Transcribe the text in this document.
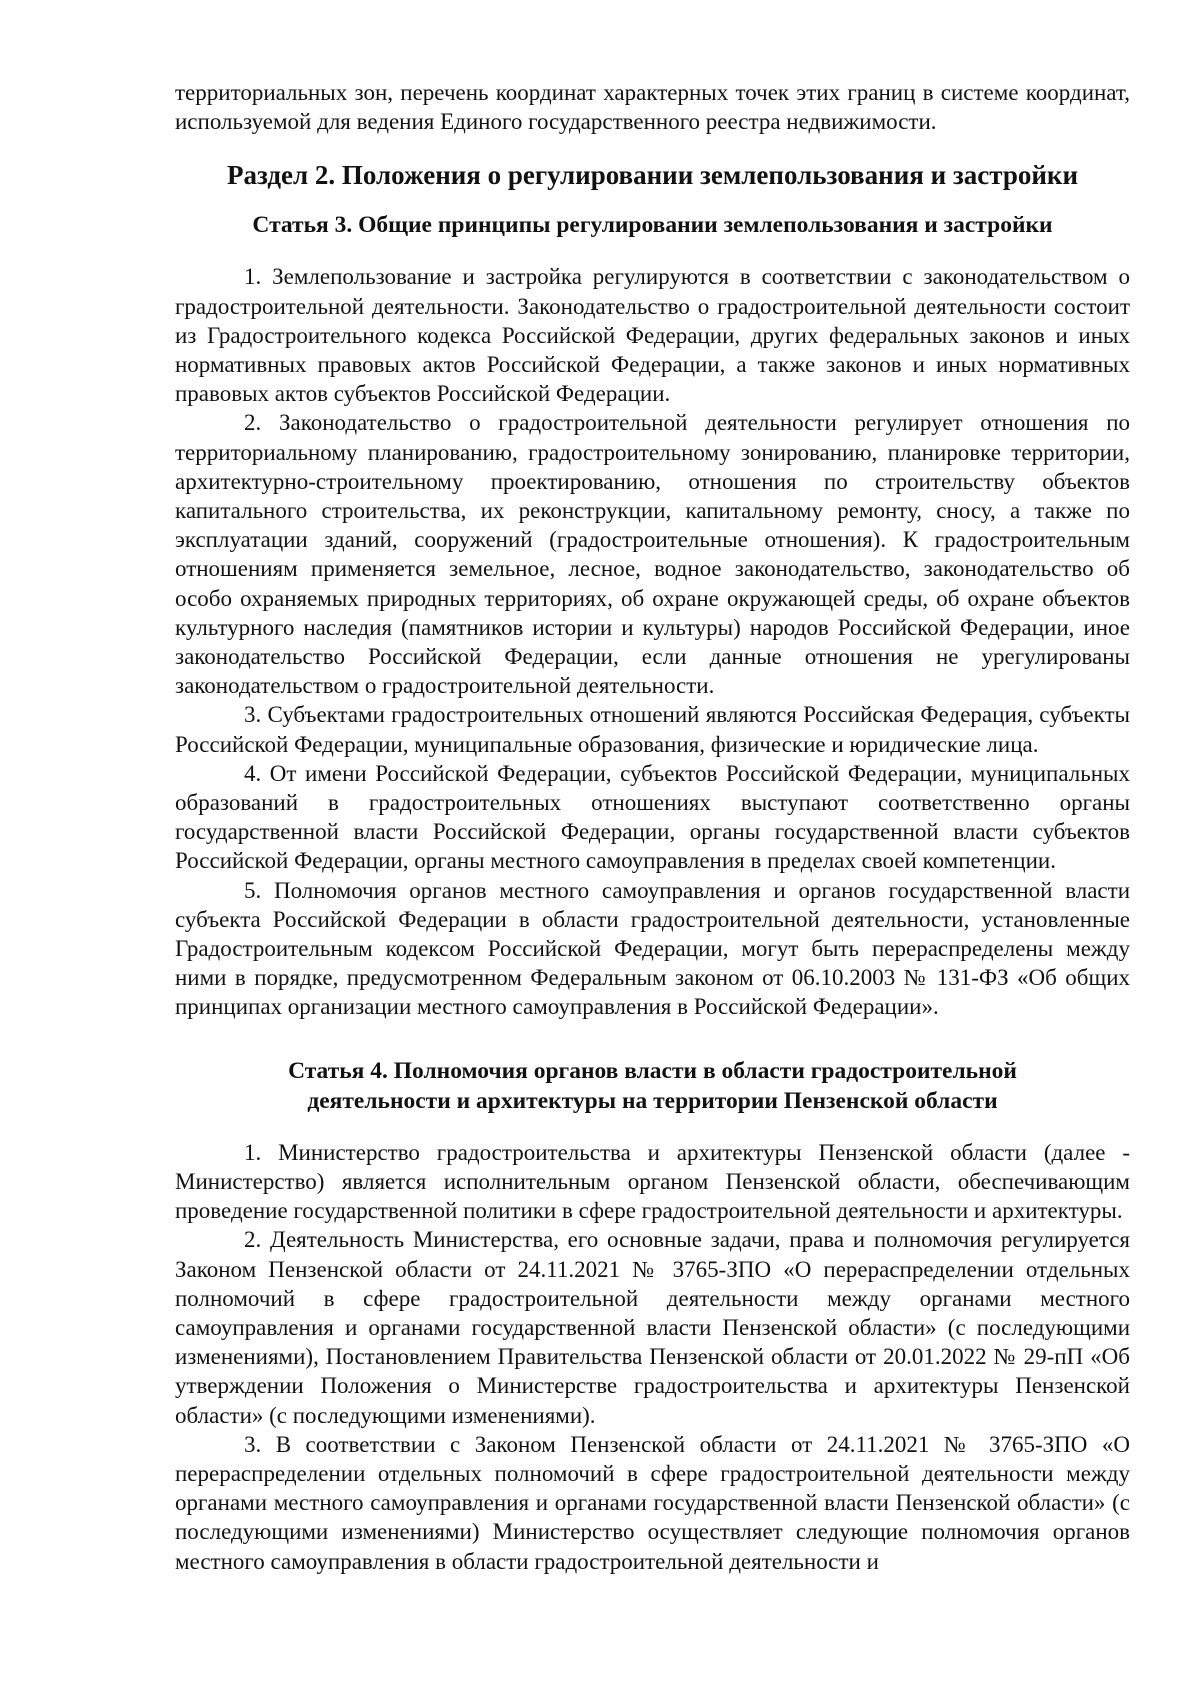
территориальных зон, перечень координат характерных точек этих границ в системе координат, используемой для ведения Единого государственного реестра недвижимости.

Раздел 2. Положения о регулировании землепользования и застройки
Статья 3. Общие принципы регулировании землепользования и застройки

1. Землепользование и застройка регулируются в соответствии с законодательством о градостроительной деятельности. Законодательство о градостроительной деятельности состоит из Градостроительного кодекса Российской Федерации, других федеральных законов и иных нормативных правовых актов Российской Федерации, а также законов и иных нормативных правовых актов субъектов Российской Федерации.

2. Законодательство о градостроительной деятельности регулирует отношения по территориальному планированию, градостроительному зонированию, планировке территории, архитектурно-строительному проектированию, отношения по строительству объектов капитального строительства, их реконструкции, капитальному ремонту, сносу, а также по эксплуатации зданий, сооружений (градостроительные отношения). К градостроительным отношениям применяется земельное, лесное, водное законодательство, законодательство об особо охраняемых природных территориях, об охране окружающей среды, об охране объектов культурного наследия (памятников истории и культуры) народов Российской Федерации, иное законодательство Российской Федерации, если данные отношения не урегулированы законодательством о градостроительной деятельности.

3. Субъектами градостроительных отношений являются Российская Федерация, субъекты Российской Федерации, муниципальные образования, физические и юридические лица.

4. От имени Российской Федерации, субъектов Российской Федерации, муниципальных образований в градостроительных отношениях выступают соответственно органы государственной власти Российской Федерации, органы государственной власти субъектов Российской Федерации, органы местного самоуправления в пределах своей компетенции.

5. Полномочия органов местного самоуправления и органов государственной власти субъекта Российской Федерации в области градостроительной деятельности, установленные Градостроительным кодексом Российской Федерации, могут быть перераспределены между ними в порядке, предусмотренном Федеральным законом от 06.10.2003 № 131-ФЗ «Об общих принципах организации местного самоуправления в Российской Федерации».

Статья 4. Полномочия органов власти в области градостроительной
деятельности и архитектуры на территории Пензенской области

1. Министерство градостроительства и архитектуры Пензенской области (далее - Министерство) является исполнительным органом Пензенской области, обеспечивающим проведение государственной политики в сфере градостроительной деятельности и архитектуры.

2. Деятельность Министерства, его основные задачи, права и полномочия регулируется Законом Пензенской области от 24.11.2021 № 3765-ЗПО «О перераспределении отдельных полномочий в сфере градостроительной деятельности между органами местного самоуправления и органами государственной власти Пензенской области» (с последующими изменениями), Постановлением Правительства Пензенской области от 20.01.2022 № 29-пП «Об утверждении Положения о Министерстве градостроительства и архитектуры Пензенской области» (с последующими изменениями).

3. В соответствии с Законом Пензенской области от 24.11.2021 № 3765-ЗПО «О перераспределении отдельных полномочий в сфере градостроительной деятельности между органами местного самоуправления и органами государственной власти Пензенской области» (с последующими изменениями) Министерство осуществляет следующие полномочия органов местного самоуправления в области градостроительной деятельности и
